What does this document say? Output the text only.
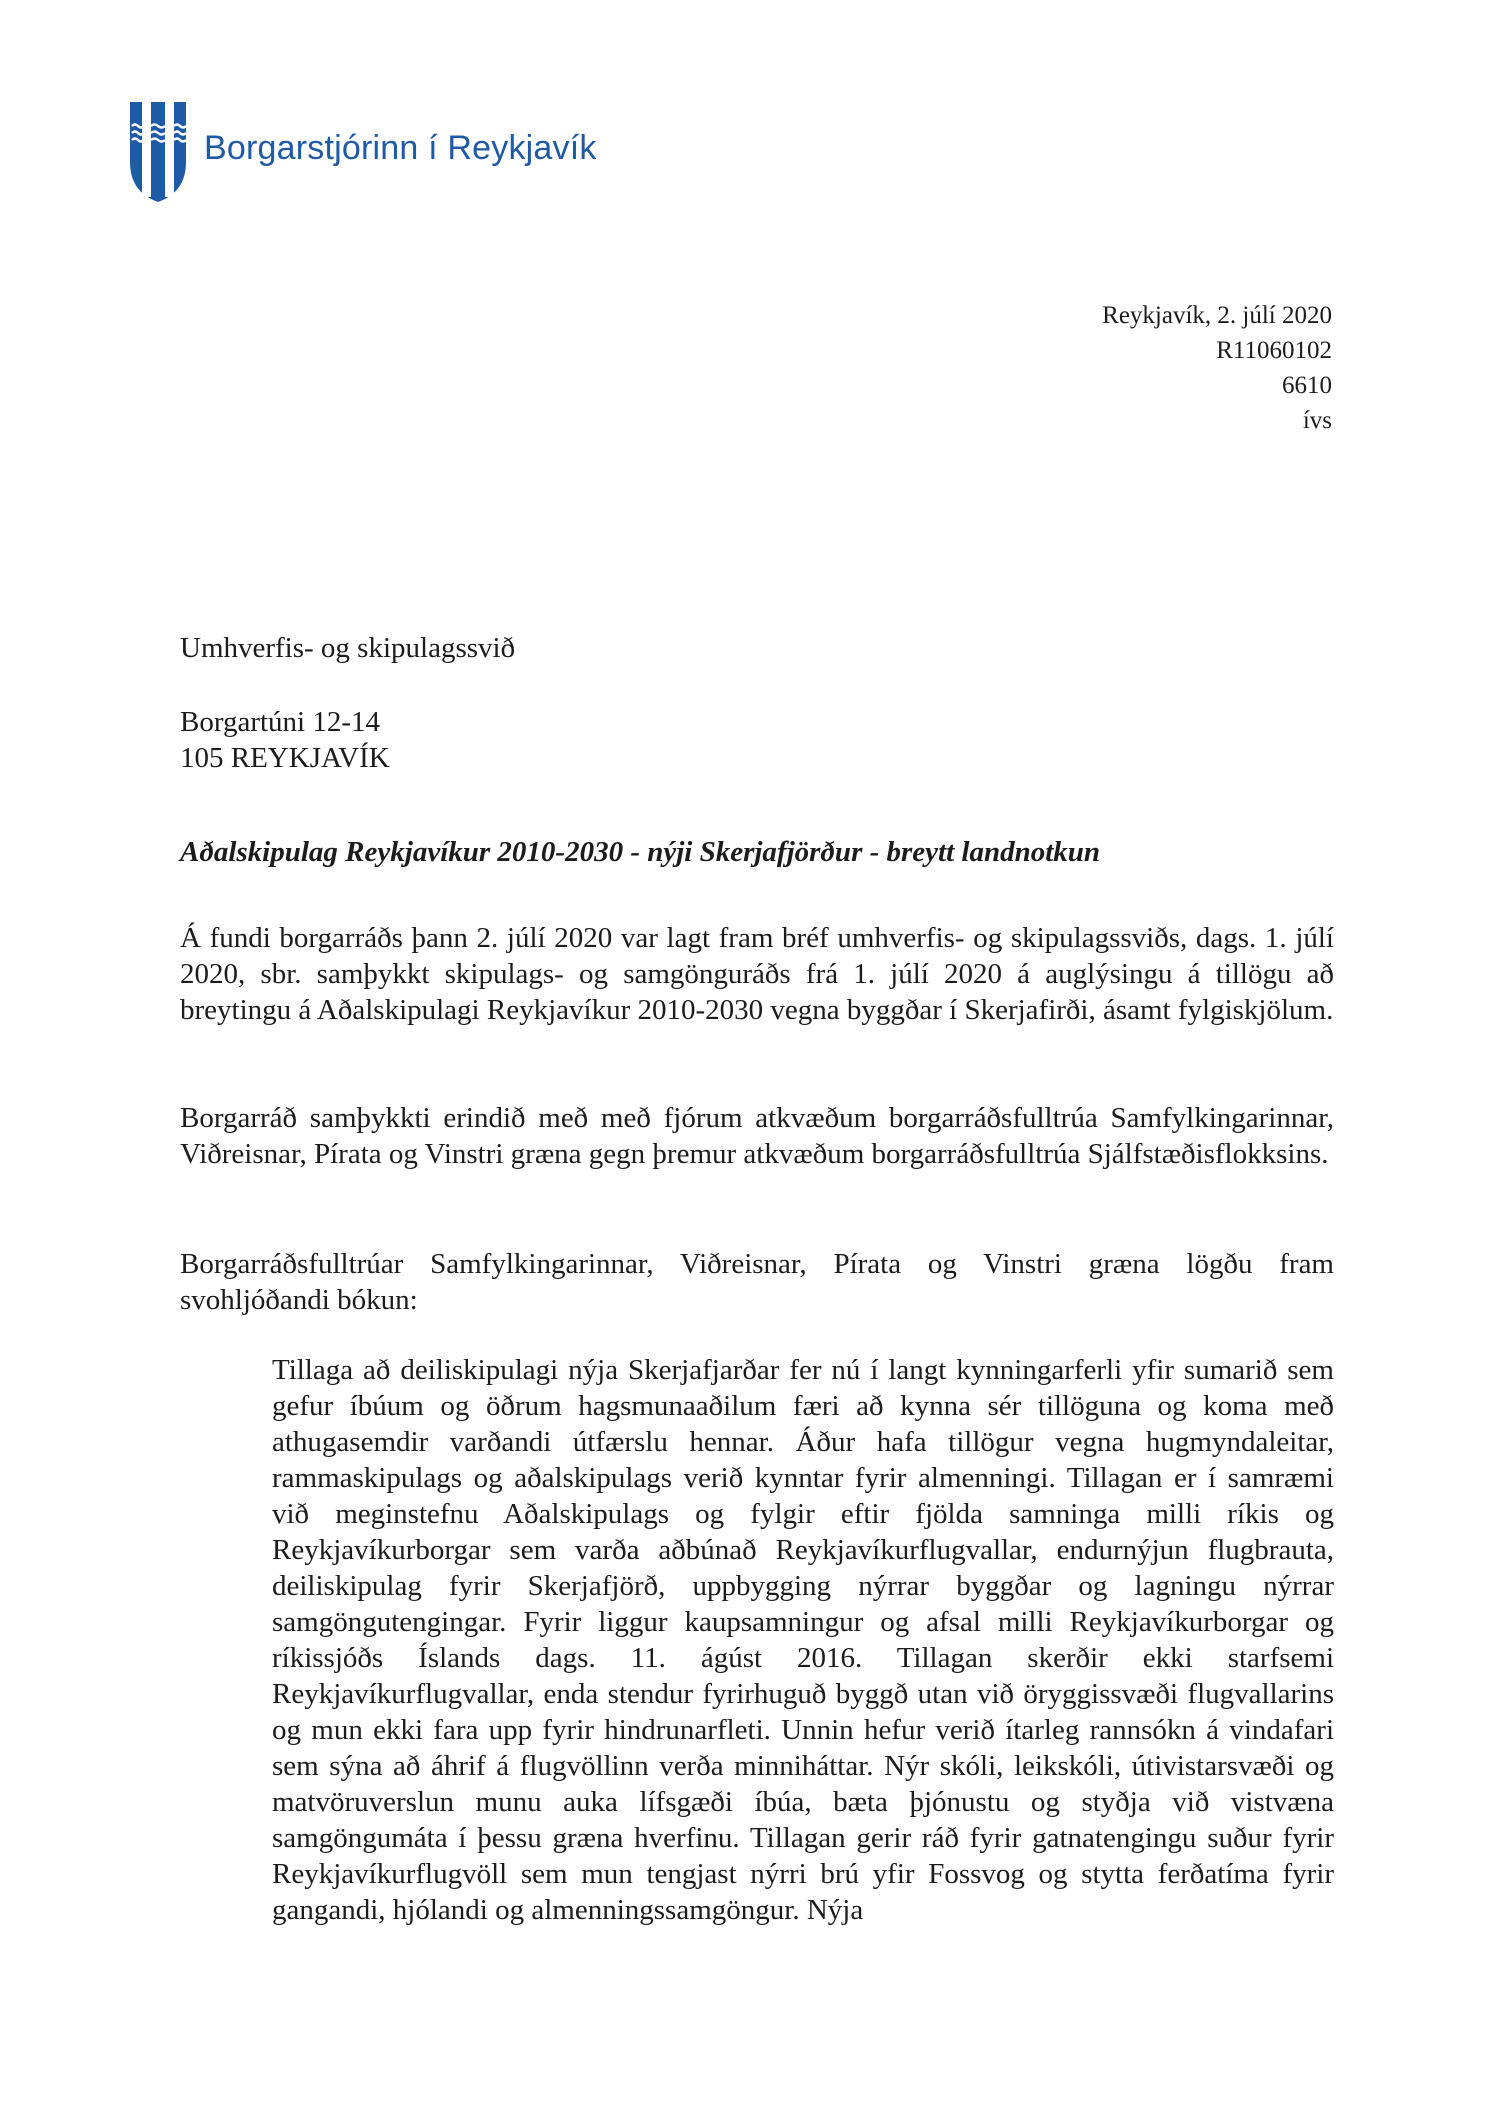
Borgarstjórinn í Reykjavík
Reykjavík, 2. júlí 2020
R11060102
6610
ívs
Umhverfis- og skipulagssvið
Borgartúni 12-14
105 REYKJAVÍK
Aðalskipulag Reykjavíkur 2010-2030 - nýji Skerjafjörður - breytt landnotkun
Á fundi borgarráðs þann 2. júlí 2020 var lagt fram bréf umhverfis- og skipulagssviðs, dags. 1. júlí 2020, sbr. samþykkt skipulags- og samgönguráðs frá 1. júlí 2020 á auglýsingu á tillögu að breytingu á Aðalskipulagi Reykjavíkur 2010-2030 vegna byggðar í Skerjafirði, ásamt fylgiskjölum.
Borgarráð samþykkti erindið með með fjórum atkvæðum borgarráðsfulltrúa Samfylkingarinnar, Viðreisnar, Pírata og Vinstri græna gegn þremur atkvæðum borgarráðsfulltrúa Sjálfstæðisflokksins.
Borgarráðsfulltrúar Samfylkingarinnar, Viðreisnar, Pírata og Vinstri græna lögðu fram svohljóðandi bókun:

Tillaga að deiliskipulagi nýja Skerjafjarðar fer nú í langt kynningarferli yfir sumarið sem gefur íbúum og öðrum hagsmunaaðilum færi að kynna sér tillöguna og koma með athugasemdir varðandi útfærslu hennar. Áður hafa tillögur vegna hugmyndaleitar, rammaskipulags og aðalskipulags verið kynntar fyrir almenningi. Tillagan er í samræmi við meginstefnu Aðalskipulags og fylgir eftir fjölda samninga milli ríkis og Reykjavíkurborgar sem varða aðbúnað Reykjavíkurflugvallar, endurnýjun flugbrauta, deiliskipulag fyrir Skerjafjörð, uppbygging nýrrar byggðar og lagningu nýrrar samgöngutengingar. Fyrir liggur kaupsamningur og afsal milli Reykjavíkurborgar og ríkissjóðs Íslands dags. 11. ágúst 2016. Tillagan skerðir ekki starfsemi Reykjavíkurflugvallar, enda stendur fyrirhuguð byggð utan við öryggissvæði flugvallarins og mun ekki fara upp fyrir hindrunarfleti. Unnin hefur verið ítarleg rannsókn á vindafari sem sýna að áhrif á flugvöllinn verða minniháttar. Nýr skóli, leikskóli, útivistarsvæði og matvöruverslun munu auka lífsgæði íbúa, bæta þjónustu og styðja við vistvæna samgöngumáta í þessu græna hverfinu. Tillagan gerir ráð fyrir gatnatengingu suður fyrir Reykjavíkurflugvöll sem mun tengjast nýrri brú yfir Fossvog og stytta ferðatíma fyrir gangandi, hjólandi og almenningssamgöngur. Nýja
